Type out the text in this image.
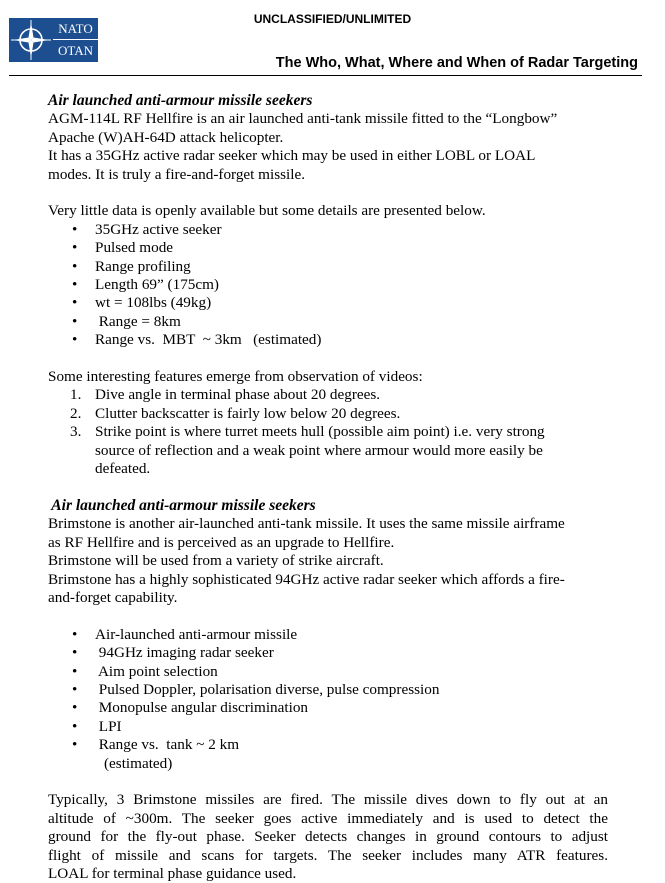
UNCLASSIFIED/UNLIMITED
NATO
OTAN
The Who, What, Where and When of Radar Targeting

Air launched anti-armour missile seekers

AGM-114L RF Hellfire is an air launched anti-tank missile fitted to the “Longbow”

Apache (W)AH-64D attack helicopter.

It has a 35GHz active radar seeker which may be used in either LOBL or LOAL

modes. It is truly a fire-and-forget missile.

Very little data is openly available but some details are presented below.

• 35GHz active seeker
• Pulsed mode
• Range profiling
• Length 69” (175cm)
• wt = 108lbs (49kg)
•  Range = 8km
• Range vs.  MBT  ~ 3km   (estimated)

Some interesting features emerge from observation of videos:

1. Dive angle in terminal phase about 20 degrees.
2. Clutter backscatter is fairly low below 20 degrees.
3. Strike point is where turret meets hull (possible aim point) i.e. very strong
source of reflection and a weak point where armour would more easily be
defeated.

Air launched anti-armour missile seekers

Brimstone is another air-launched anti-tank missile. It uses the same missile airframe

as RF Hellfire and is perceived as an upgrade to Hellfire.

Brimstone will be used from a variety of strike aircraft.

Brimstone has a highly sophisticated 94GHz active radar seeker which affords a fire-

and-forget capability.

• Air-launched anti-armour missile
•  94GHz imaging radar seeker
•  Aim point selection
•  Pulsed Doppler, polarisation diverse, pulse compression
•  Monopulse angular discrimination
•  LPI
•  Range vs.  tank ~ 2 km

(estimated)

Typically, 3 Brimstone missiles are fired. The missile dives down to fly out at an

altitude of ~300m. The seeker goes active immediately and is used to detect the

ground for the fly-out phase. Seeker detects changes in ground contours to adjust

flight of missile and scans for targets. The seeker includes many ATR features.

LOAL for terminal phase guidance used.
